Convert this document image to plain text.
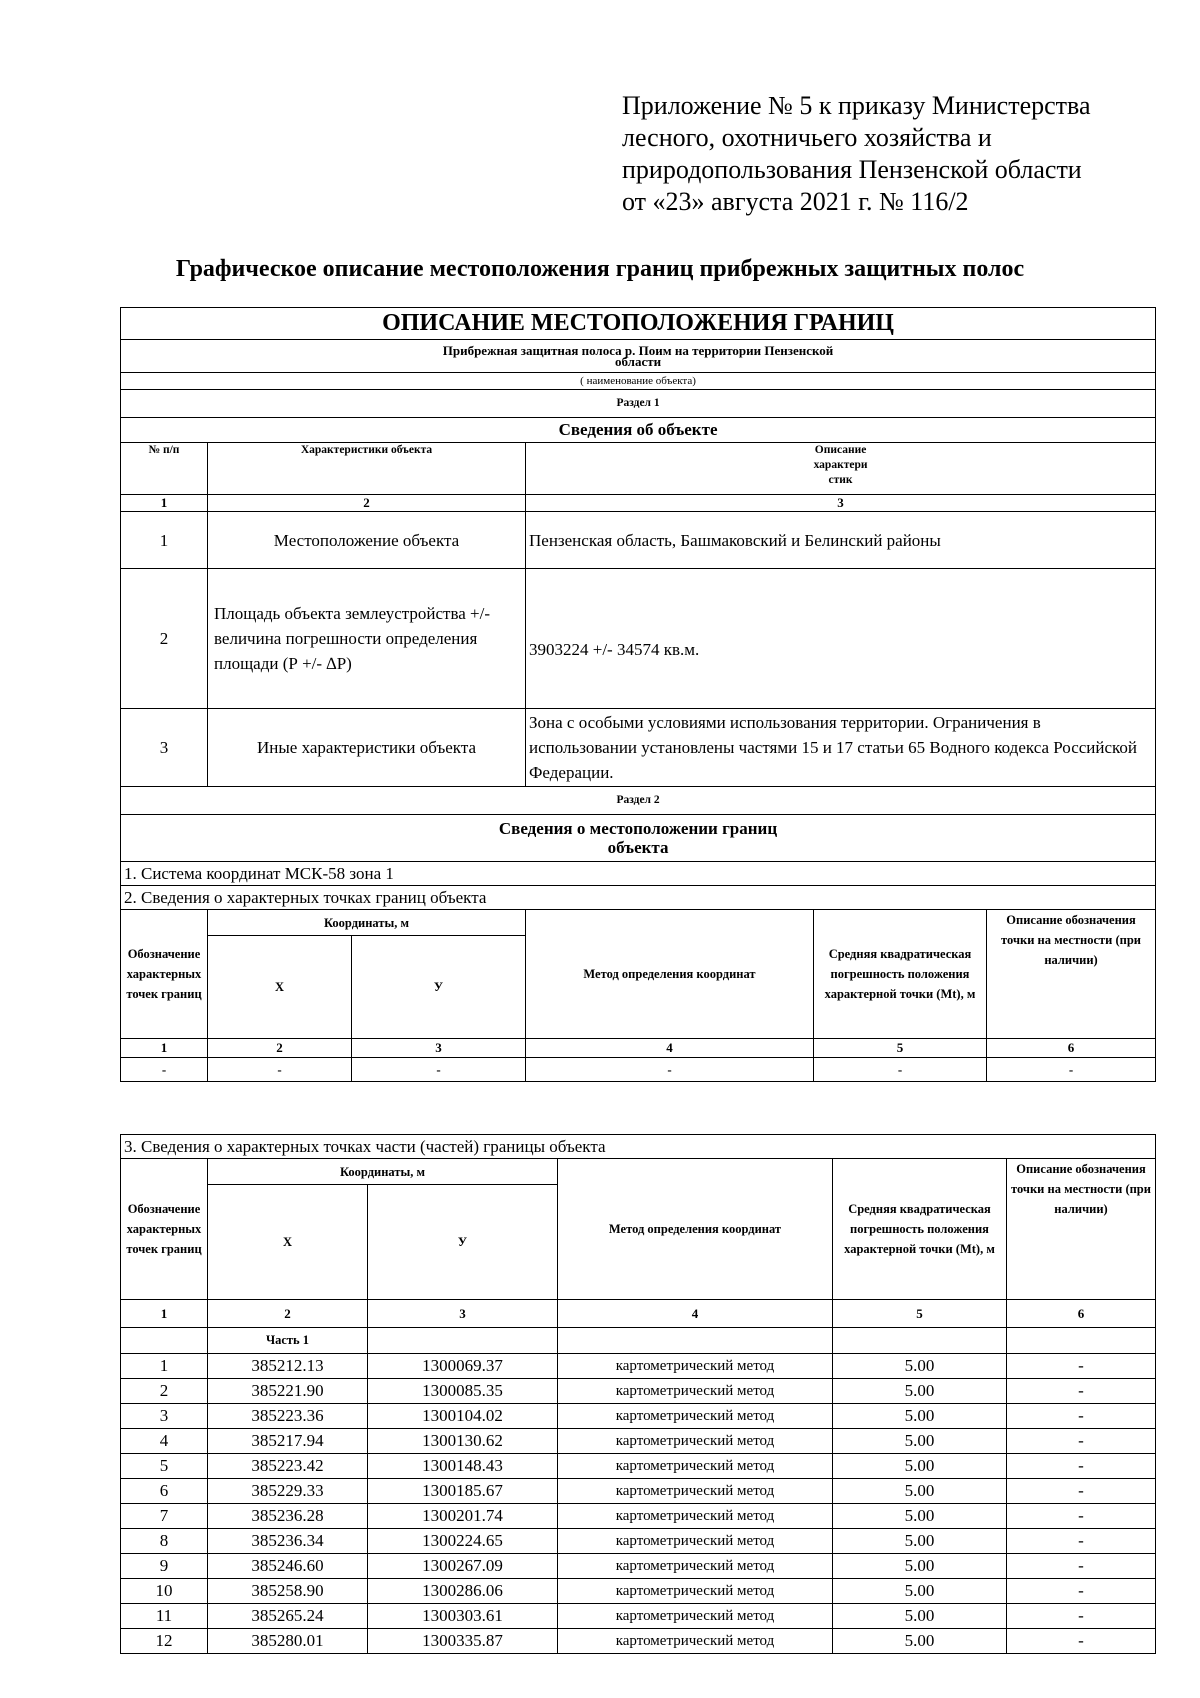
Приложение № 5 к приказу Министерства
лесного, охотничьего хозяйства и
природопользования Пензенской области
от «23» августа 2021 г. № 116/2
Графическое описание местоположения границ прибрежных защитных полос
ОПИСАНИЕ МЕСТОПОЛОЖЕНИЯ ГРАНИЦ					

Прибрежная защитная полоса р. Поим на территории Пензенской
области					

( наименование объекта)					
Раздел 1					
Сведения об объекте					
№ п/п	Характеристики объекта		Описание
характери
стик		

1	2		3		
1	Местоположение объекта		Пензенская область, Башмаковский и Белинский районы		
2	Площадь объекта землеустройства +/- величина погрешности определения площади (Р +/- ∆Р)		3903224 +/- 34574 кв.м.		
3	Иные характеристики объекта		Зона с особыми условиями использования территории. Ограничения в использовании установлены частями 15 и 17 статьи 65 Водного кодекса Российской Федерации.		
Раздел 2					

Сведения о местоположении границ
объекта					

1. Система координат МСК-58 зона 1					
2. Сведения о характерных точках границ объекта					
Обозначение характерных точек границ	Координаты, м		Метод определения координат	Средняя квадратическая погрешность положения характерной точки (Mt), м	Описание обозначения точки на местности (при наличии)
	X	У			
1	2	3	4	5	6
-	-	-	-	-	-
3. Сведения о характерных точках части (частей) границы объекта					
Обозначение характерных точек границ	Координаты, м		Метод определения координат	Средняя квадратическая погрешность положения характерной точки (Mt), м	Описание обозначения точки на местности (при наличии)
	X	У			
1	2	3	4	5	6
	Часть 1				
1	385212.13	1300069.37	картометрический метод	5.00	-
2	385221.90	1300085.35	картометрический метод	5.00	-
3	385223.36	1300104.02	картометрический метод	5.00	-
4	385217.94	1300130.62	картометрический метод	5.00	-
5	385223.42	1300148.43	картометрический метод	5.00	-
6	385229.33	1300185.67	картометрический метод	5.00	-
7	385236.28	1300201.74	картометрический метод	5.00	-
8	385236.34	1300224.65	картометрический метод	5.00	-
9	385246.60	1300267.09	картометрический метод	5.00	-
10	385258.90	1300286.06	картометрический метод	5.00	-
11	385265.24	1300303.61	картометрический метод	5.00	-
12	385280.01	1300335.87	картометрический метод	5.00	-
